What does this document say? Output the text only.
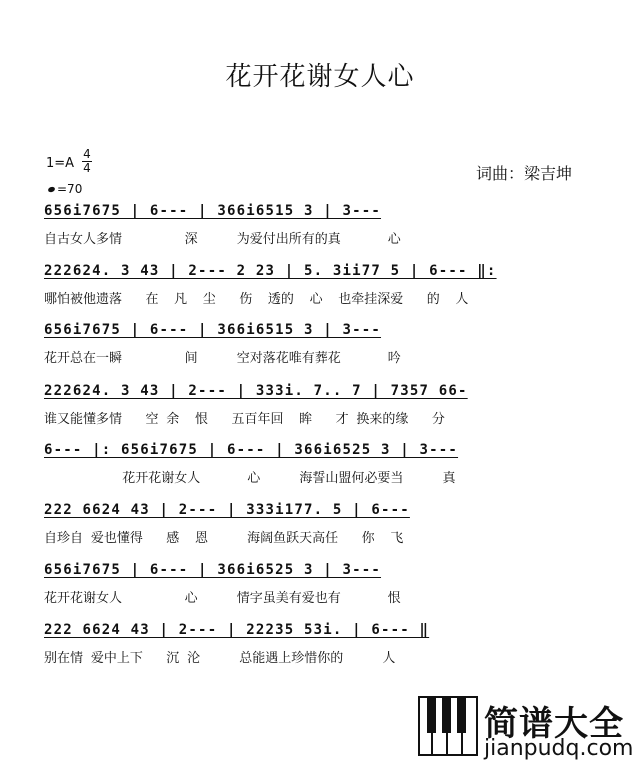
花开花谢女人心
$1=A \frac{4}{4}$
=70
词曲：梁吉坤
656i7675 | 6--- | 366i6515 3 | 3---
自古女人多情        深     为爱付出所有的真      心
222624. 3 43 | 2--- 2 23 | 5. 3ii77 5 | 6--- ‖:
哪怕被他遗落   在  凡  尘   伤  透的  心  也牵挂深爱   的  人
656i7675 | 6--- | 366i6515 3 | 3---
花开总在一瞬        间     空对落花唯有葬花      吟
222624. 3 43 | 2--- | 333i. 7.. 7 | 7357 66-
谁又能懂多情   空 余  恨   五百年回  眸   才 换来的缘   分
6--- |: 656i7675 | 6--- | 366i6525 3 | 3---
花开花谢女人      心     海誓山盟何必要当     真
222 6624 43 | 2--- | 333i177. 5 | 6---
自珍自 爱也懂得   感  恩     海阔鱼跃天高任   你  飞
656i7675 | 6--- | 366i6525 3 | 3---
花开花谢女人        心     情字虽美有爱也有      恨
222 6624 43 | 2--- | 22235 53i. | 6--- ‖
别在情 爱中上下   沉 沦     总能遇上珍惜你的     人
简谱大全
jianpudq.com
